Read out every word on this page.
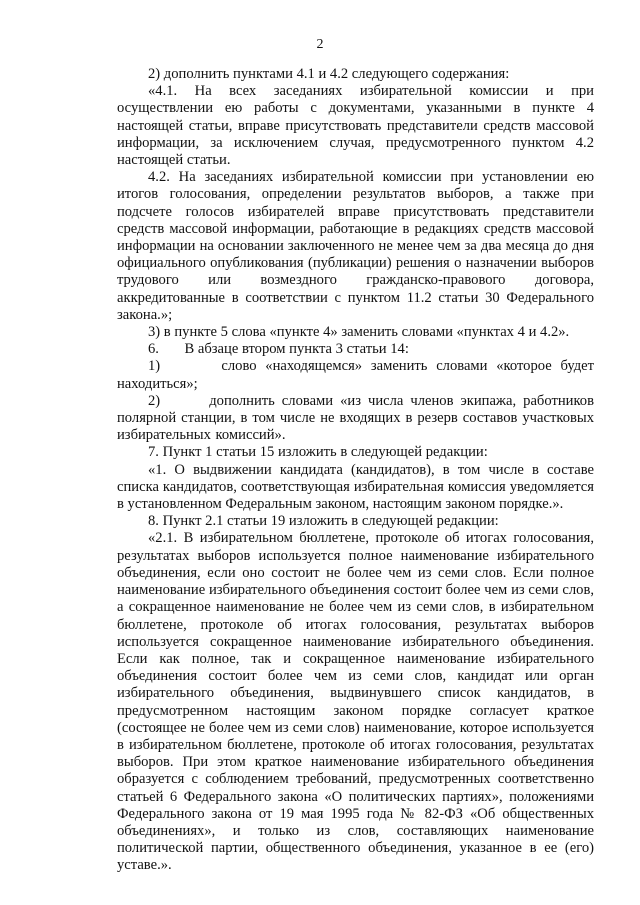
2

2) дополнить пунктами 4.1 и 4.2 следующего содержания:

«4.1. На всех заседаниях избирательной комиссии и при осуществлении ею работы с документами, указанными в пункте 4 настоящей статьи, вправе присутствовать представители средств массовой информации, за исключением случая, предусмотренного пунктом 4.2 настоящей статьи.

4.2. На заседаниях избирательной комиссии при установлении ею итогов голосования, определении результатов выборов, а также при подсчете голосов избирателей вправе присутствовать представители средств массовой информации, работающие в редакциях средств массовой информации на основании заключенного не менее чем за два месяца до дня официального опубликования (публикации) решения о назначении выборов трудового или возмездного гражданско-правового договора, аккредитованные в соответствии с пунктом 11.2 статьи 30 Федерального закона.»;

3) в пункте 5 слова «пункте 4» заменить словами «пунктах 4 и 4.2».

6.       В абзаце втором пункта 3 статьи 14:

1)       слово «находящемся» заменить словами «которое будет находиться»;

2)       дополнить словами «из числа членов экипажа, работников полярной станции, в том числе не входящих в резерв составов участковых избирательных комиссий».

7. Пункт 1 статьи 15 изложить в следующей редакции:

«1. О выдвижении кандидата (кандидатов), в том числе в составе списка кандидатов, соответствующая избирательная комиссия уведомляется в установленном Федеральным законом, настоящим законом порядке.».

8. Пункт 2.1 статьи 19 изложить в следующей редакции:

«2.1. В избирательном бюллетене, протоколе об итогах голосования, результатах выборов используется полное наименование избирательного объединения, если оно состоит не более чем из семи слов. Если полное наименование избирательного объединения состоит более чем из семи слов, а сокращенное наименование не более чем из семи слов, в избирательном бюллетене, протоколе об итогах голосования, результатах выборов используется сокращенное наименование избирательного объединения. Если как полное, так и сокращенное наименование избирательного объединения состоит более чем из семи слов, кандидат или орган избирательного объединения, выдвинувшего список кандидатов, в предусмотренном настоящим законом порядке согласует краткое (состоящее не более чем из семи слов) наименование, которое используется в избирательном бюллетене, протоколе об итогах голосования, результатах выборов. При этом краткое наименование избирательного объединения образуется с соблюдением требований, предусмотренных соответственно статьей 6 Федерального закона «О политических партиях», положениями Федерального закона от 19 мая 1995 года № 82-ФЗ «Об общественных объединениях», и только из слов, составляющих наименование политической партии, общественного объединения, указанное в ее (его) уставе.».
